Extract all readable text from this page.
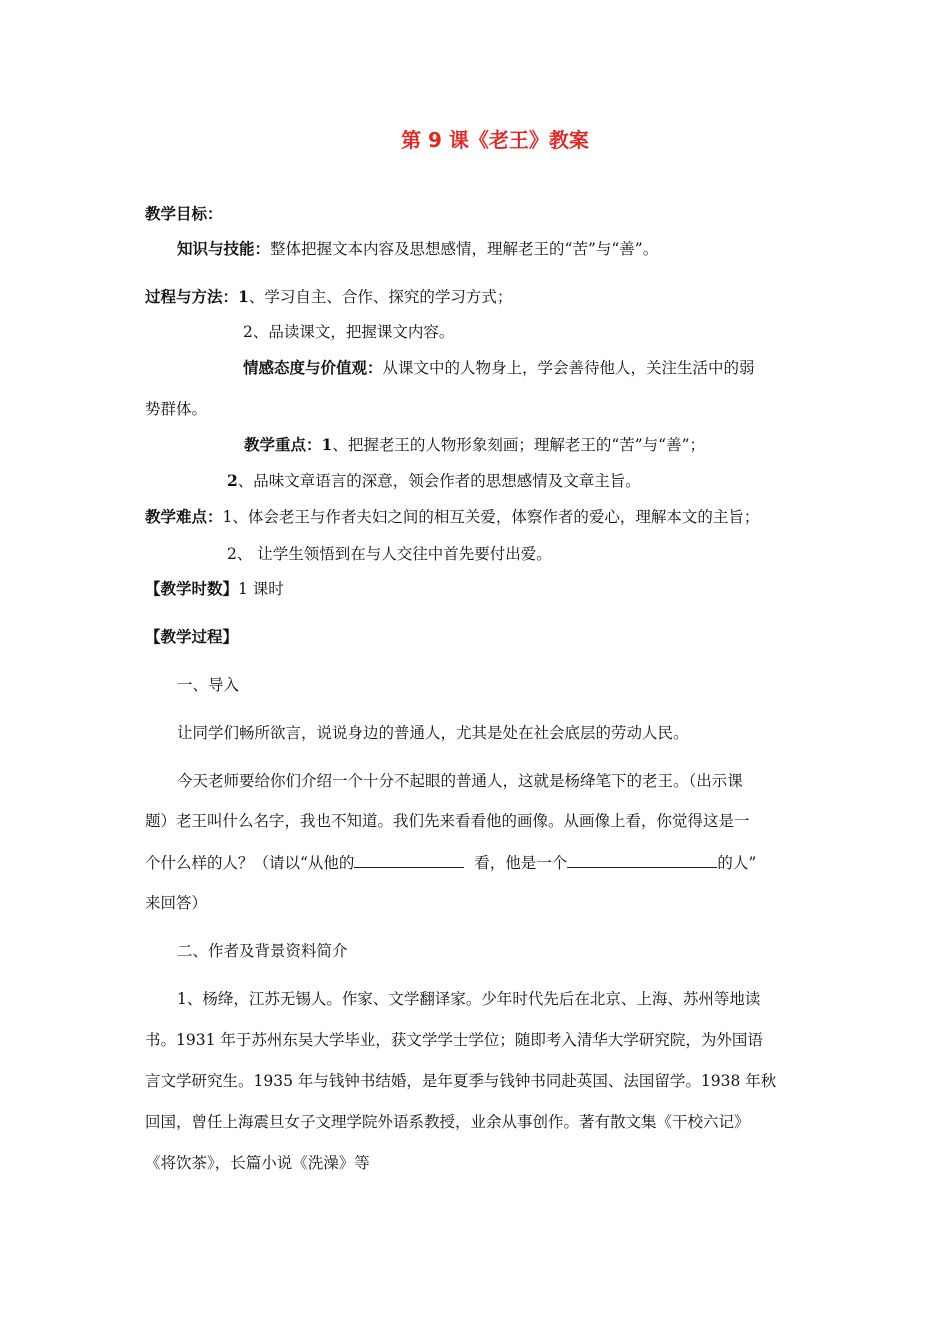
第 9 课《老王》教案
教学目标：
知识与技能：整体把握文本内容及思想感情，理解老王的“苦”与“善”。
过程与方法：1、学习自主、合作、探究的学习方式；
2、品读课文，把握课文内容。
情感态度与价值观：从课文中的人物身上，学会善待他人，关注生活中的弱
势群体。
教学重点：1、把握老王的人物形象刻画；理解老王的“苦”与“善”；
2、品味文章语言的深意，领会作者的思想感情及文章主旨。
教学难点：1、体会老王与作者夫妇之间的相互关爱，体察作者的爱心，理解本文的主旨；
2、 让学生领悟到在与人交往中首先要付出爱。
【教学时数】1 课时
【教学过程】
一、导入
让同学们畅所欲言，说说身边的普通人，尤其是处在社会底层的劳动人民。
今天老师要给你们介绍一个十分不起眼的普通人，这就是杨绛笔下的老王。（出示课
题）老王叫什么名字，我也不知道。我们先来看看他的画像。从画像上看，你觉得这是一
个什么样的人？（请以“从他的	看，他是一个	的人”
来回答）
二、作者及背景资料简介
1、杨绛，江苏无锡人。作家、文学翻译家。少年时代先后在北京、上海、苏州等地读
书。1931 年于苏州东吴大学毕业，获文学学士学位；随即考入清华大学研究院，为外国语
言文学研究生。1935 年与钱钟书结婚，是年夏季与钱钟书同赴英国、法国留学。1938 年秋
回国，曾任上海震旦女子文理学院外语系教授，业余从事创作。著有散文集《干校六记》
《将饮茶》，长篇小说《洗澡》等
